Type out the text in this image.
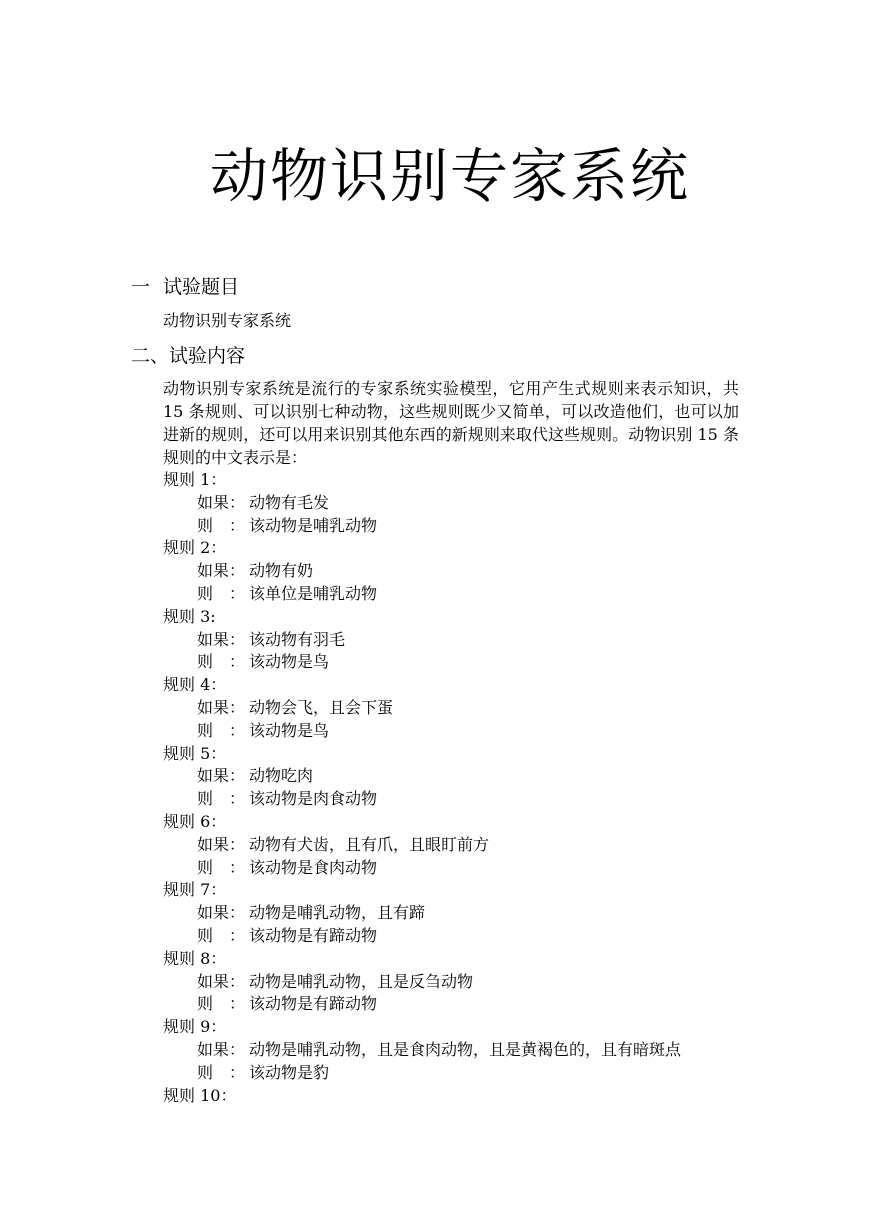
动物识别专家系统
一 试验题目

动物识别专家系统

二、试验内容

动物识别专家系统是流行的专家系统实验模型，它用产生式规则来表示知识，共 15 条规则、可以识别七种动物，这些规则既少又简单，可以改造他们，也可以加进新的规则，还可以用来识别其他东西的新规则来取代这些规则。动物识别 15 条规则的中文表示是：

规则 1：

如果： 动物有毛发

则　： 该动物是哺乳动物

规则 2：

如果： 动物有奶

则　： 该单位是哺乳动物

规则 3:

如果： 该动物有羽毛

则　： 该动物是鸟

规则 4：

如果： 动物会飞，且会下蛋

则　： 该动物是鸟

规则 5：

如果： 动物吃肉

则　： 该动物是肉食动物

规则 6：

如果： 动物有犬齿，且有爪，且眼盯前方

则　： 该动物是食肉动物

规则 7：

如果： 动物是哺乳动物，且有蹄

则　： 该动物是有蹄动物

规则 8：

如果： 动物是哺乳动物，且是反刍动物

则　： 该动物是有蹄动物

规则 9：

如果： 动物是哺乳动物，且是食肉动物，且是黄褐色的，且有暗斑点

则　： 该动物是豹

规则 10：
